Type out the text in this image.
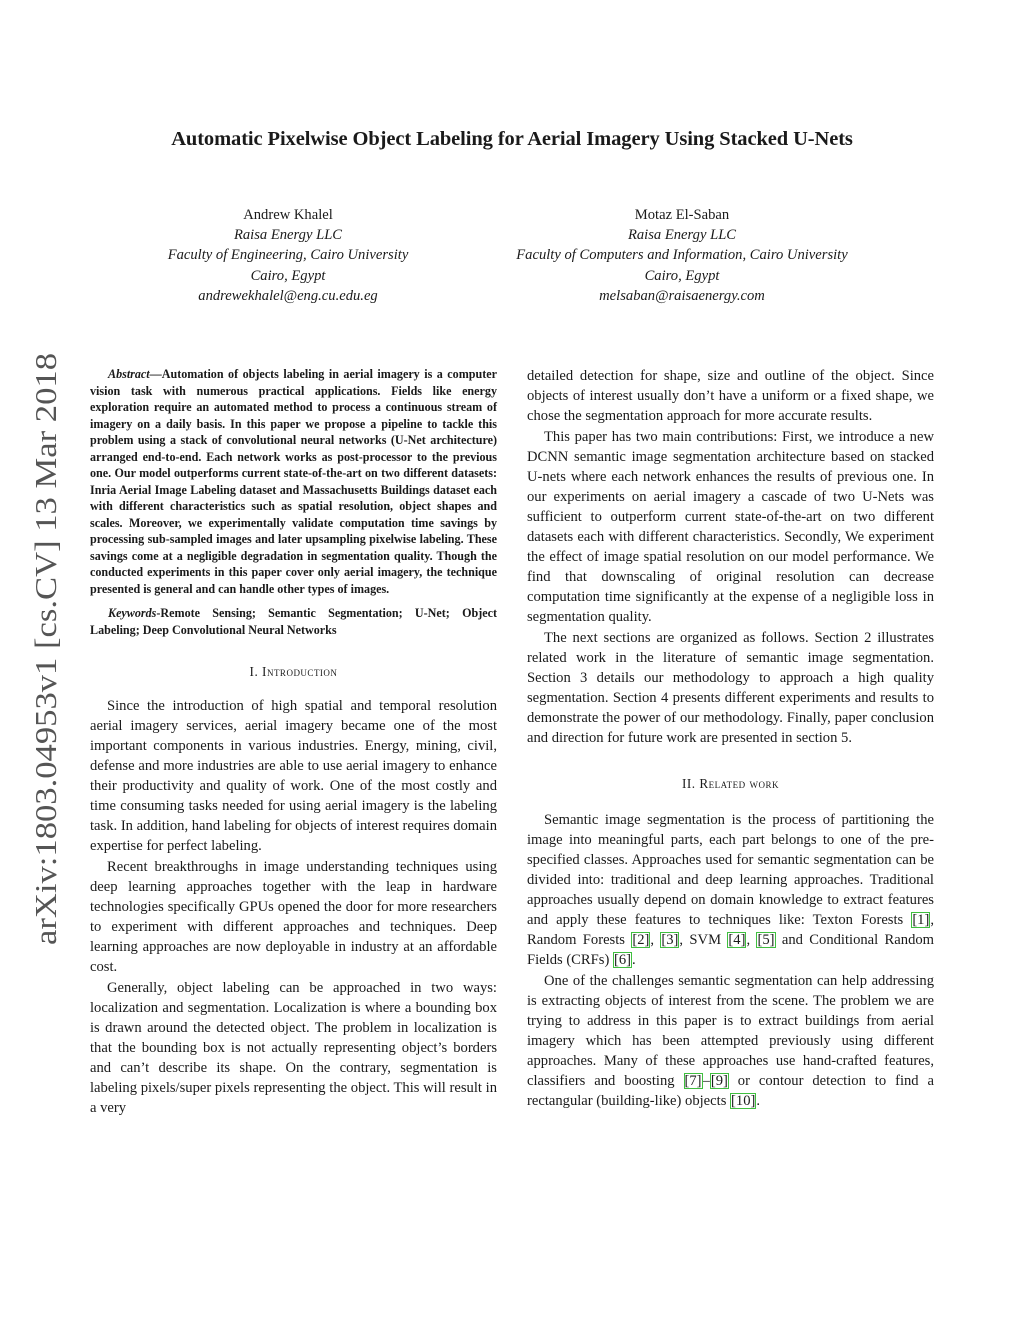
arXiv:1803.04953v1 [cs.CV] 13 Mar 2018
Automatic Pixelwise Object Labeling for Aerial Imagery Using Stacked U-Nets
Andrew Khalel
Raisa Energy LLC
Faculty of Engineering, Cairo University
Cairo, Egypt
andrewekhalel@eng.cu.edu.eg
Motaz El-Saban
Raisa Energy LLC
Faculty of Computers and Information, Cairo University
Cairo, Egypt
melsaban@raisaenergy.com

Abstract—Automation of objects labeling in aerial imagery is a computer vision task with numerous practical applications. Fields like energy exploration require an automated method to process a continuous stream of imagery on a daily basis. In this paper we propose a pipeline to tackle this problem using a stack of convolutional neural networks (U-Net architecture) arranged end-to-end. Each network works as post-processor to the previous one. Our model outperforms current state-of-the-art on two different datasets: Inria Aerial Image Labeling dataset and Massachusetts Buildings dataset each with different characteristics such as spatial resolution, object shapes and scales. Moreover, we experimentally validate computation time savings by processing sub-sampled images and later upsampling pixelwise labeling. These savings come at a negligible degradation in segmentation quality. Though the conducted experiments in this paper cover only aerial imagery, the technique presented is general and can handle other types of images.

Keywords-Remote Sensing; Semantic Segmentation; U-Net; Object Labeling; Deep Convolutional Neural Networks

I. Introduction

Since the introduction of high spatial and temporal resolution aerial imagery services, aerial imagery became one of the most important components in various industries. Energy, mining, civil, defense and more industries are able to use aerial imagery to enhance their productivity and quality of work. One of the most costly and time consuming tasks needed for using aerial imagery is the labeling task. In addition, hand labeling for objects of interest requires domain expertise for perfect labeling.

Recent breakthroughs in image understanding techniques using deep learning approaches together with the leap in hardware technologies specifically GPUs opened the door for more researchers to experiment with different approaches and techniques. Deep learning approaches are now deployable in industry at an affordable cost.

Generally, object labeling can be approached in two ways: localization and segmentation. Localization is where a bounding box is drawn around the detected object. The problem in localization is that the bounding box is not actually representing object’s borders and can’t describe its shape. On the contrary, segmentation is labeling pixels/super pixels representing the object. This will result in a very

detailed detection for shape, size and outline of the object. Since objects of interest usually don’t have a uniform or a fixed shape, we chose the segmentation approach for more accurate results.

This paper has two main contributions: First, we introduce a new DCNN semantic image segmentation architecture based on stacked U-nets where each network enhances the results of previous one. In our experiments on aerial imagery a cascade of two U-Nets was sufficient to outperform current state-of-the-art on two different datasets each with different characteristics. Secondly, We experiment the effect of image spatial resolution on our model performance. We find that downscaling of original resolution can decrease computation time significantly at the expense of a negligible loss in segmentation quality.

The next sections are organized as follows. Section 2 illustrates related work in the literature of semantic image segmentation. Section 3 details our methodology to approach a high quality segmentation. Section 4 presents different experiments and results to demonstrate the power of our methodology. Finally, paper conclusion and direction for future work are presented in section 5.

II. Related work

Semantic image segmentation is the process of partitioning the image into meaningful parts, each part belongs to one of the pre-specified classes. Approaches used for semantic segmentation can be divided into: traditional and deep learning approaches. Traditional approaches usually depend on domain knowledge to extract features and apply these features to techniques like: Texton Forests [1], Random Forests [2], [3], SVM [4], [5] and Conditional Random Fields (CRFs) [6].

One of the challenges semantic segmentation can help addressing is extracting objects of interest from the scene. The problem we are trying to address in this paper is to extract buildings from aerial imagery which has been attempted previously using different approaches. Many of these approaches use hand-crafted features, classifiers and boosting [7]–[9] or contour detection to find a rectangular (building-like) objects [10].
